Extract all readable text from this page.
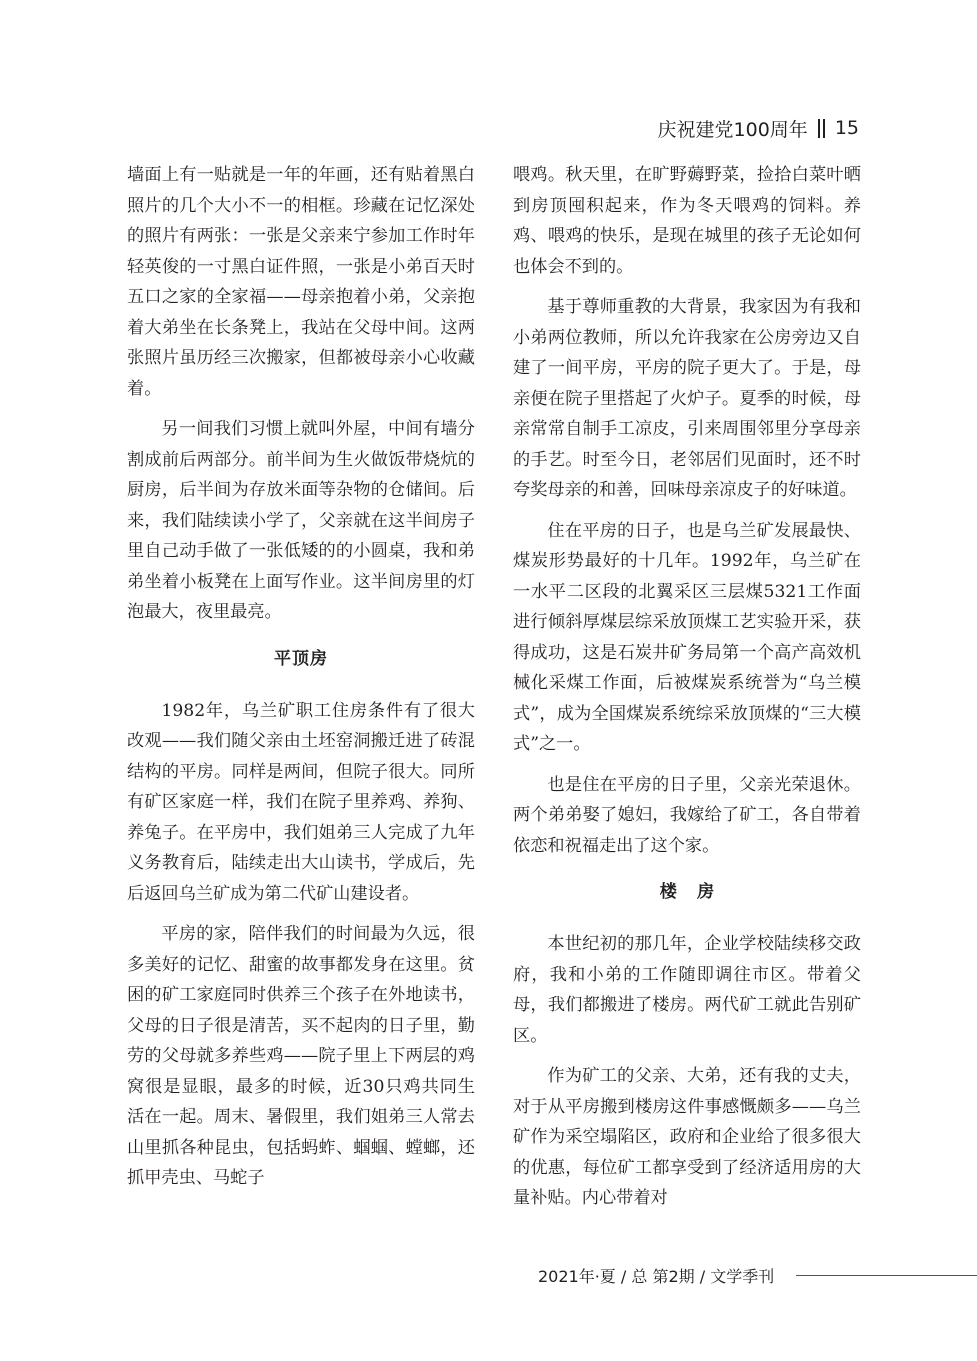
庆祝建党100周年 15

墙面上有一贴就是一年的年画，还有贴着黑白照片的几个大小不一的相框。珍藏在记忆深处的照片有两张：一张是父亲来宁参加工作时年轻英俊的一寸黑白证件照，一张是小弟百天时五口之家的全家福——母亲抱着小弟，父亲抱着大弟坐在长条凳上，我站在父母中间。这两张照片虽历经三次搬家，但都被母亲小心收藏着。

另一间我们习惯上就叫外屋，中间有墙分割成前后两部分。前半间为生火做饭带烧炕的厨房，后半间为存放米面等杂物的仓储间。后来，我们陆续读小学了，父亲就在这半间房子里自己动手做了一张低矮的的小圆桌，我和弟弟坐着小板凳在上面写作业。这半间房里的灯泡最大，夜里最亮。

平顶房

1982年，乌兰矿职工住房条件有了很大改观——我们随父亲由土坯窑洞搬迁进了砖混结构的平房。同样是两间，但院子很大。同所有矿区家庭一样，我们在院子里养鸡、养狗、养兔子。在平房中，我们姐弟三人完成了九年义务教育后，陆续走出大山读书，学成后，先后返回乌兰矿成为第二代矿山建设者。

平房的家，陪伴我们的时间最为久远，很多美好的记忆、甜蜜的故事都发身在这里。贫困的矿工家庭同时供养三个孩子在外地读书，父母的日子很是清苦，买不起肉的日子里，勤劳的父母就多养些鸡——院子里上下两层的鸡窝很是显眼，最多的时候，近30只鸡共同生活在一起。周末、暑假里，我们姐弟三人常去山里抓各种昆虫，包括蚂蚱、蝈蝈、螳螂，还抓甲壳虫、马蛇子

喂鸡。秋天里，在旷野薅野菜，捡拾白菜叶晒到房顶囤积起来，作为冬天喂鸡的饲料。养鸡、喂鸡的快乐，是现在城里的孩子无论如何也体会不到的。

基于尊师重教的大背景，我家因为有我和小弟两位教师，所以允许我家在公房旁边又自建了一间平房，平房的院子更大了。于是，母亲便在院子里搭起了火炉子。夏季的时候，母亲常常自制手工凉皮，引来周围邻里分享母亲的手艺。时至今日，老邻居们见面时，还不时夸奖母亲的和善，回味母亲凉皮子的好味道。

住在平房的日子，也是乌兰矿发展最快、煤炭形势最好的十几年。1992年，乌兰矿在一水平二区段的北翼采区三层煤5321工作面进行倾斜厚煤层综采放顶煤工艺实验开采，获得成功，这是石炭井矿务局第一个高产高效机械化采煤工作面，后被煤炭系统誉为“乌兰模式”，成为全国煤炭系统综采放顶煤的“三大模式”之一。

也是住在平房的日子里，父亲光荣退休。两个弟弟娶了媳妇，我嫁给了矿工，各自带着依恋和祝福走出了这个家。

楼房

本世纪初的那几年，企业学校陆续移交政府，我和小弟的工作随即调往市区。带着父母，我们都搬进了楼房。两代矿工就此告别矿区。

作为矿工的父亲、大弟，还有我的丈夫，对于从平房搬到楼房这件事感慨颇多——乌兰矿作为采空塌陷区，政府和企业给了很多很大的优惠，每位矿工都享受到了经济适用房的大量补贴。内心带着对

2021年·夏 / 总 第2期 / 文学季刊
